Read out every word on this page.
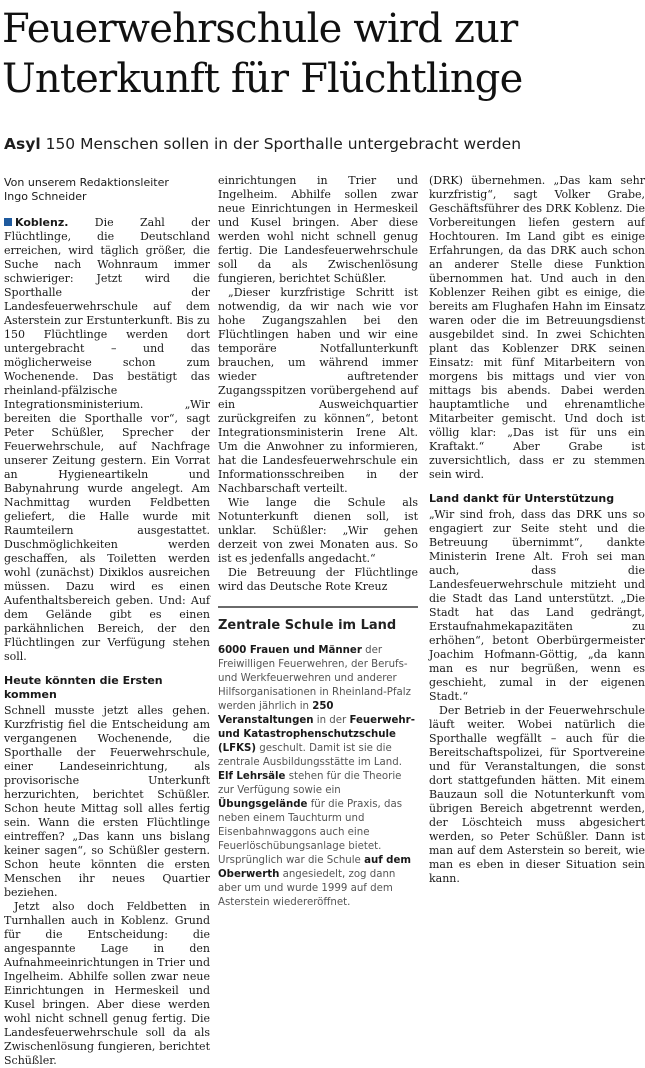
Feuerwehrschule wird zur Unterkunft für Flüchtlinge
Asyl 150 Menschen sollen in der Sporthalle untergebracht werden
Von unserem Redaktionsleiter
Ingo Schneider

Koblenz. Die Zahl der Flüchtlinge, die Deutschland erreichen, wird täglich größer, die Suche nach Wohnraum immer schwieriger: Jetzt wird die Sporthalle der Landesfeuerwehrschule auf dem Asterstein zur Erstunterkunft. Bis zu 150 Flüchtlinge werden dort untergebracht – und das möglicherweise schon zum Wochenende. Das bestätigt das rheinland-pfälzische Integrationsministerium. „Wir bereiten die Sporthalle vor“, sagt Peter Schüßler, Sprecher der Feuerwehrschule, auf Nachfrage unserer Zeitung gestern. Ein Vorrat an Hygieneartikeln und Babynahrung wurde angelegt. Am Nachmittag wurden Feldbetten geliefert, die Halle wurde mit Raumteilern ausgestattet. Duschmöglichkeiten werden geschaffen, als Toiletten werden wohl (zunächst) Dixiklos ausreichen müssen. Dazu wird es einen Aufenthaltsbereich geben. Und: Auf dem Gelände gibt es einen parkähnlichen Bereich, der den Flüchtlingen zur Verfügung stehen soll.

Heute könnten die Ersten kommen

Schnell musste jetzt alles gehen. Kurzfristig fiel die Entscheidung am vergangenen Wochenende, die Sporthalle der Feuerwehrschule, einer Landeseinrichtung, als provisorische Unterkunft herzurichten, berichtet Schüßler. Schon heute Mittag soll alles fertig sein. Wann die ersten Flüchtlinge eintreffen? „Das kann uns bislang keiner sagen“, so Schüßler gestern. Schon heute könnten die ersten Menschen ihr neues Quartier beziehen.

Jetzt also doch Feldbetten in Turnhallen auch in Koblenz. Grund für die Entscheidung: die angespannte Lage in den Aufnahmeeinrichtungen in Trier und Ingelheim. Abhilfe sollen zwar neue Einrichtungen in Hermeskeil und Kusel bringen. Aber diese werden wohl nicht schnell genug fertig. Die Landesfeuerwehrschule soll da als Zwischenlösung fungieren, berichtet Schüßler.

einrichtungen in Trier und Ingelheim. Abhilfe sollen zwar neue Einrichtungen in Hermeskeil und Kusel bringen. Aber diese werden wohl nicht schnell genug fertig. Die Landesfeuerwehrschule soll da als Zwischenlösung fungieren, berichtet Schüßler.

„Dieser kurzfristige Schritt ist notwendig, da wir nach wie vor hohe Zugangszahlen bei den Flüchtlingen haben und wir eine temporäre Notfallunterkunft brauchen, um während immer wieder auftretender Zugangsspitzen vorübergehend auf ein Ausweichquartier zurückgreifen zu können“, betont Integrationsministerin Irene Alt. Um die Anwohner zu informieren, hat die Landesfeuerwehrschule ein Informationsschreiben in der Nachbarschaft verteilt.

Wie lange die Schule als Notunterkunft dienen soll, ist unklar. Schüßler: „Wir gehen derzeit von zwei Monaten aus. So ist es jedenfalls angedacht.“

Die Betreuung der Flüchtlinge wird das Deutsche Rote Kreuz

Zentrale Schule im Land

6000 Frauen und Männer der Freiwilligen Feuerwehren, der Berufs- und Werkfeuerwehren und anderer Hilfsorganisationen in Rheinland-Pfalz werden jährlich in 250 Veranstaltungen in der Feuerwehr- und Katastrophenschutzschule (LFKS) geschult. Damit ist sie die zentrale Ausbildungsstätte im Land. Elf Lehrsäle stehen für die Theorie zur Verfügung sowie ein Übungsgelände für die Praxis, das neben einem Tauchturm und Eisenbahnwaggons auch eine Feuerlöschübungsanlage bietet. Ursprünglich war die Schule auf dem Oberwerth angesiedelt, zog dann aber um und wurde 1999 auf dem Asterstein wiedereröffnet.

(DRK) übernehmen. „Das kam sehr kurzfristig“, sagt Volker Grabe, Geschäftsführer des DRK Koblenz. Die Vorbereitungen liefen gestern auf Hochtouren. Im Land gibt es einige Erfahrungen, da das DRK auch schon an anderer Stelle diese Funktion übernommen hat. Und auch in den Koblenzer Reihen gibt es einige, die bereits am Flughafen Hahn im Einsatz waren oder die im Betreuungsdienst ausgebildet sind. In zwei Schichten plant das Koblenzer DRK seinen Einsatz: mit fünf Mitarbeitern von morgens bis mittags und vier von mittags bis abends. Dabei werden hauptamtliche und ehrenamtliche Mitarbeiter gemischt. Und doch ist völlig klar: „Das ist für uns ein Kraftakt.“ Aber Grabe ist zuversichtlich, dass er zu stemmen sein wird.

Land dankt für Unterstützung

„Wir sind froh, dass das DRK uns so engagiert zur Seite steht und die Betreuung übernimmt“, dankte Ministerin Irene Alt. Froh sei man auch, dass die Landesfeuerwehrschule mitzieht und die Stadt das Land unterstützt. „Die Stadt hat das Land gedrängt, Erstaufnahmekapazitäten zu erhöhen“, betont Oberbürgermeister Joachim Hofmann-Göttig, „da kann man es nur begrüßen, wenn es geschieht, zumal in der eigenen Stadt.“

Der Betrieb in der Feuerwehrschule läuft weiter. Wobei natürlich die Sporthalle wegfällt – auch für die Bereitschaftspolizei, für Sportvereine und für Veranstaltungen, die sonst dort stattgefunden hätten. Mit einem Bauzaun soll die Notunterkunft vom übrigen Bereich abgetrennt werden, der Löschteich muss abgesichert werden, so Peter Schüßler. Dann ist man auf dem Asterstein so bereit, wie man es eben in dieser Situation sein kann.
